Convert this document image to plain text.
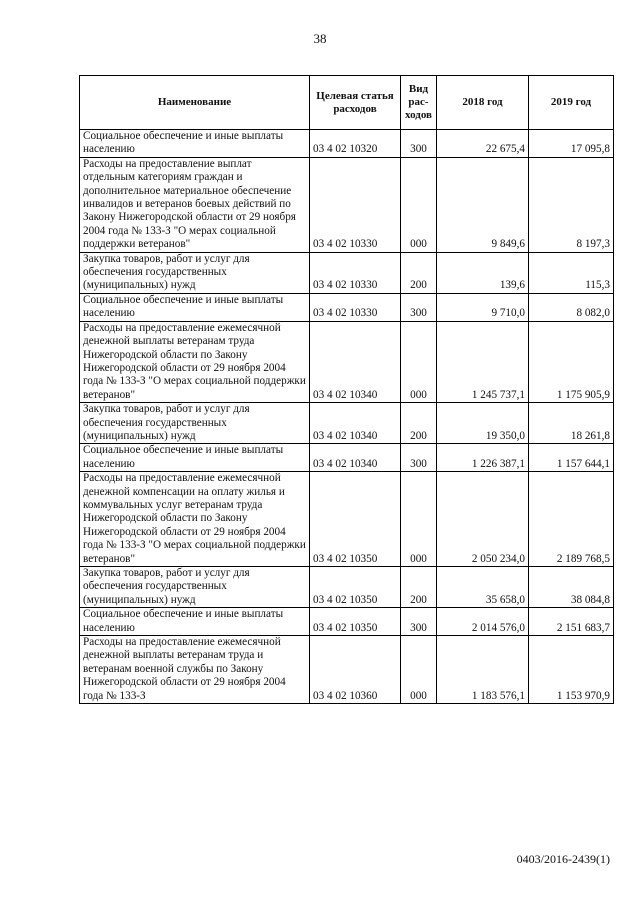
38
Наименование	Целевая статья расходов	Вид рас-ходов	2018 год	2019 год
Социальное обеспечение и иные выплаты населению	03 4 02 10320	300	22 675,4	17 095,8
Расходы на предоставление выплат отдельным категориям граждан и дополнительное материальное обеспечение инвалидов и ветеранов боевых действий по Закону Нижегородской области от 29 ноября 2004 года № 133-З "О мерах социальной поддержки ветеранов"	03 4 02 10330	000	9 849,6	8 197,3
Закупка товаров, работ и услуг для обеспечения государственных (муниципальных) нужд	03 4 02 10330	200	139,6	115,3
Социальное обеспечение и иные выплаты населению	03 4 02 10330	300	9 710,0	8 082,0
Расходы на предоставление ежемесячной денежной выплаты ветеранам труда Нижегородской области по Закону Нижегородской области от 29 ноября 2004 года № 133-З "О мерах социальной поддержки ветеранов"	03 4 02 10340	000	1 245 737,1	1 175 905,9
Закупка товаров, работ и услуг для обеспечения государственных (муниципальных) нужд	03 4 02 10340	200	19 350,0	18 261,8
Социальное обеспечение и иные выплаты населению	03 4 02 10340	300	1 226 387,1	1 157 644,1
Расходы на предоставление ежемесячной денежной компенсации на оплату жилья и коммувальных услуг ветеранам труда Нижегородской области по Закону Нижегородской области от 29 ноября 2004 года № 133-З "О мерах социальной поддержки ветеранов"	03 4 02 10350	000	2 050 234,0	2 189 768,5
Закупка товаров, работ и услуг для обеспечения государственных (муниципальных) нужд	03 4 02 10350	200	35 658,0	38 084,8
Социальное обеспечение и иные выплаты населению	03 4 02 10350	300	2 014 576,0	2 151 683,7
Расходы на предоставление ежемесячной денежной выплаты ветеранам труда и ветеранам военной службы по Закону Нижегородской области от 29 ноября 2004 года № 133-З	03 4 02 10360	000	1 183 576,1	1 153 970,9
0403/2016-2439(1)
